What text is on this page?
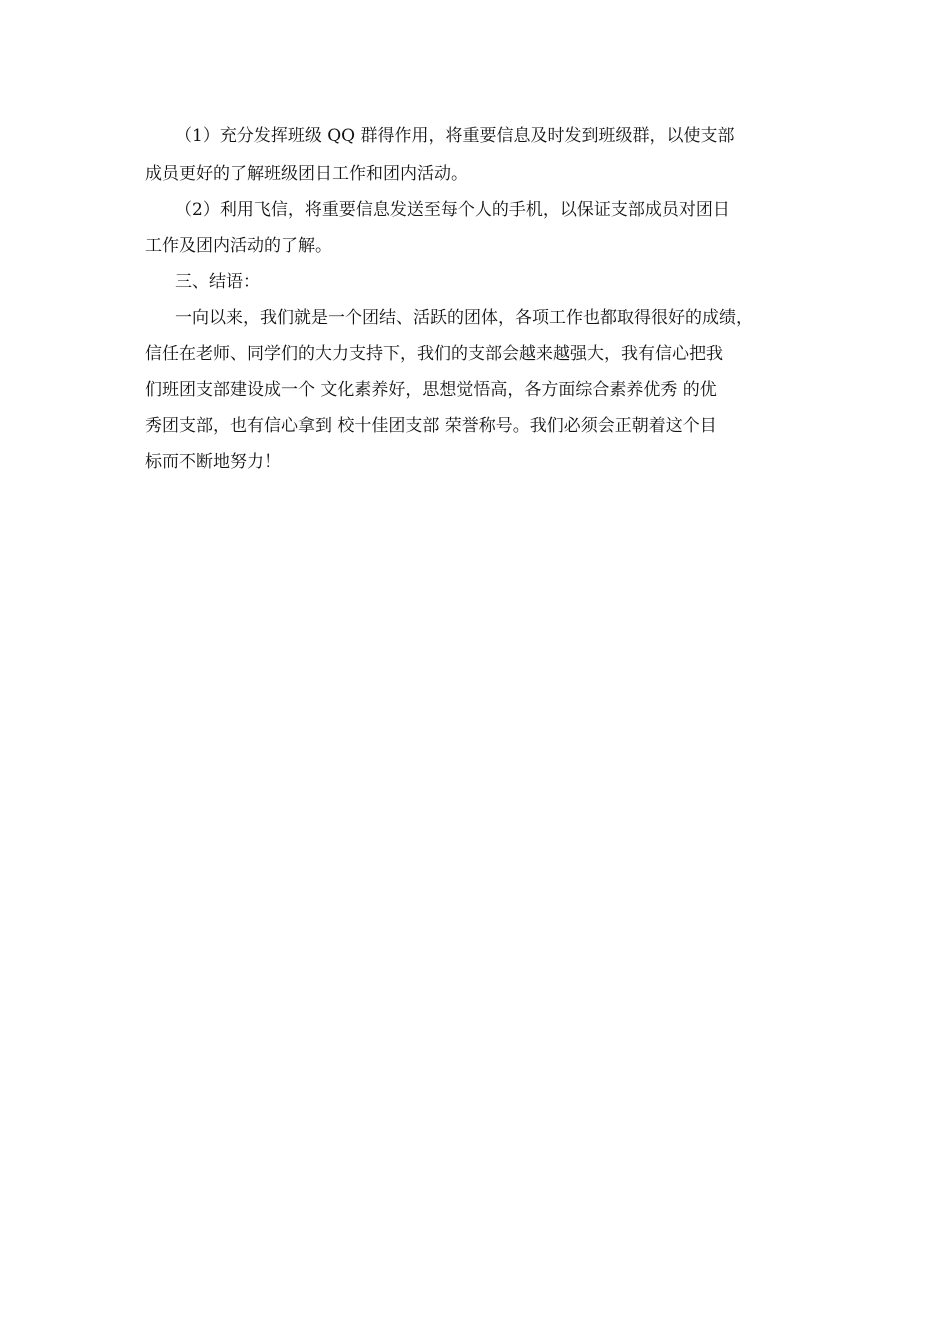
（1）充分发挥班级 QQ 群得作用，将重要信息及时发到班级群，以使支部
成员更好的了解班级团日工作和团内活动。
（2）利用飞信，将重要信息发送至每个人的手机，以保证支部成员对团日
工作及团内活动的了解。
三、结语：
一向以来，我们就是一个团结、活跃的团体，各项工作也都取得很好的成绩，
信任在老师、同学们的大力支持下，我们的支部会越来越强大，我有信心把我
们班团支部建设成一个 文化素养好，思想觉悟高，各方面综合素养优秀 的优
秀团支部，也有信心拿到 校十佳团支部 荣誉称号。我们必须会正朝着这个目
标而不断地努力！
